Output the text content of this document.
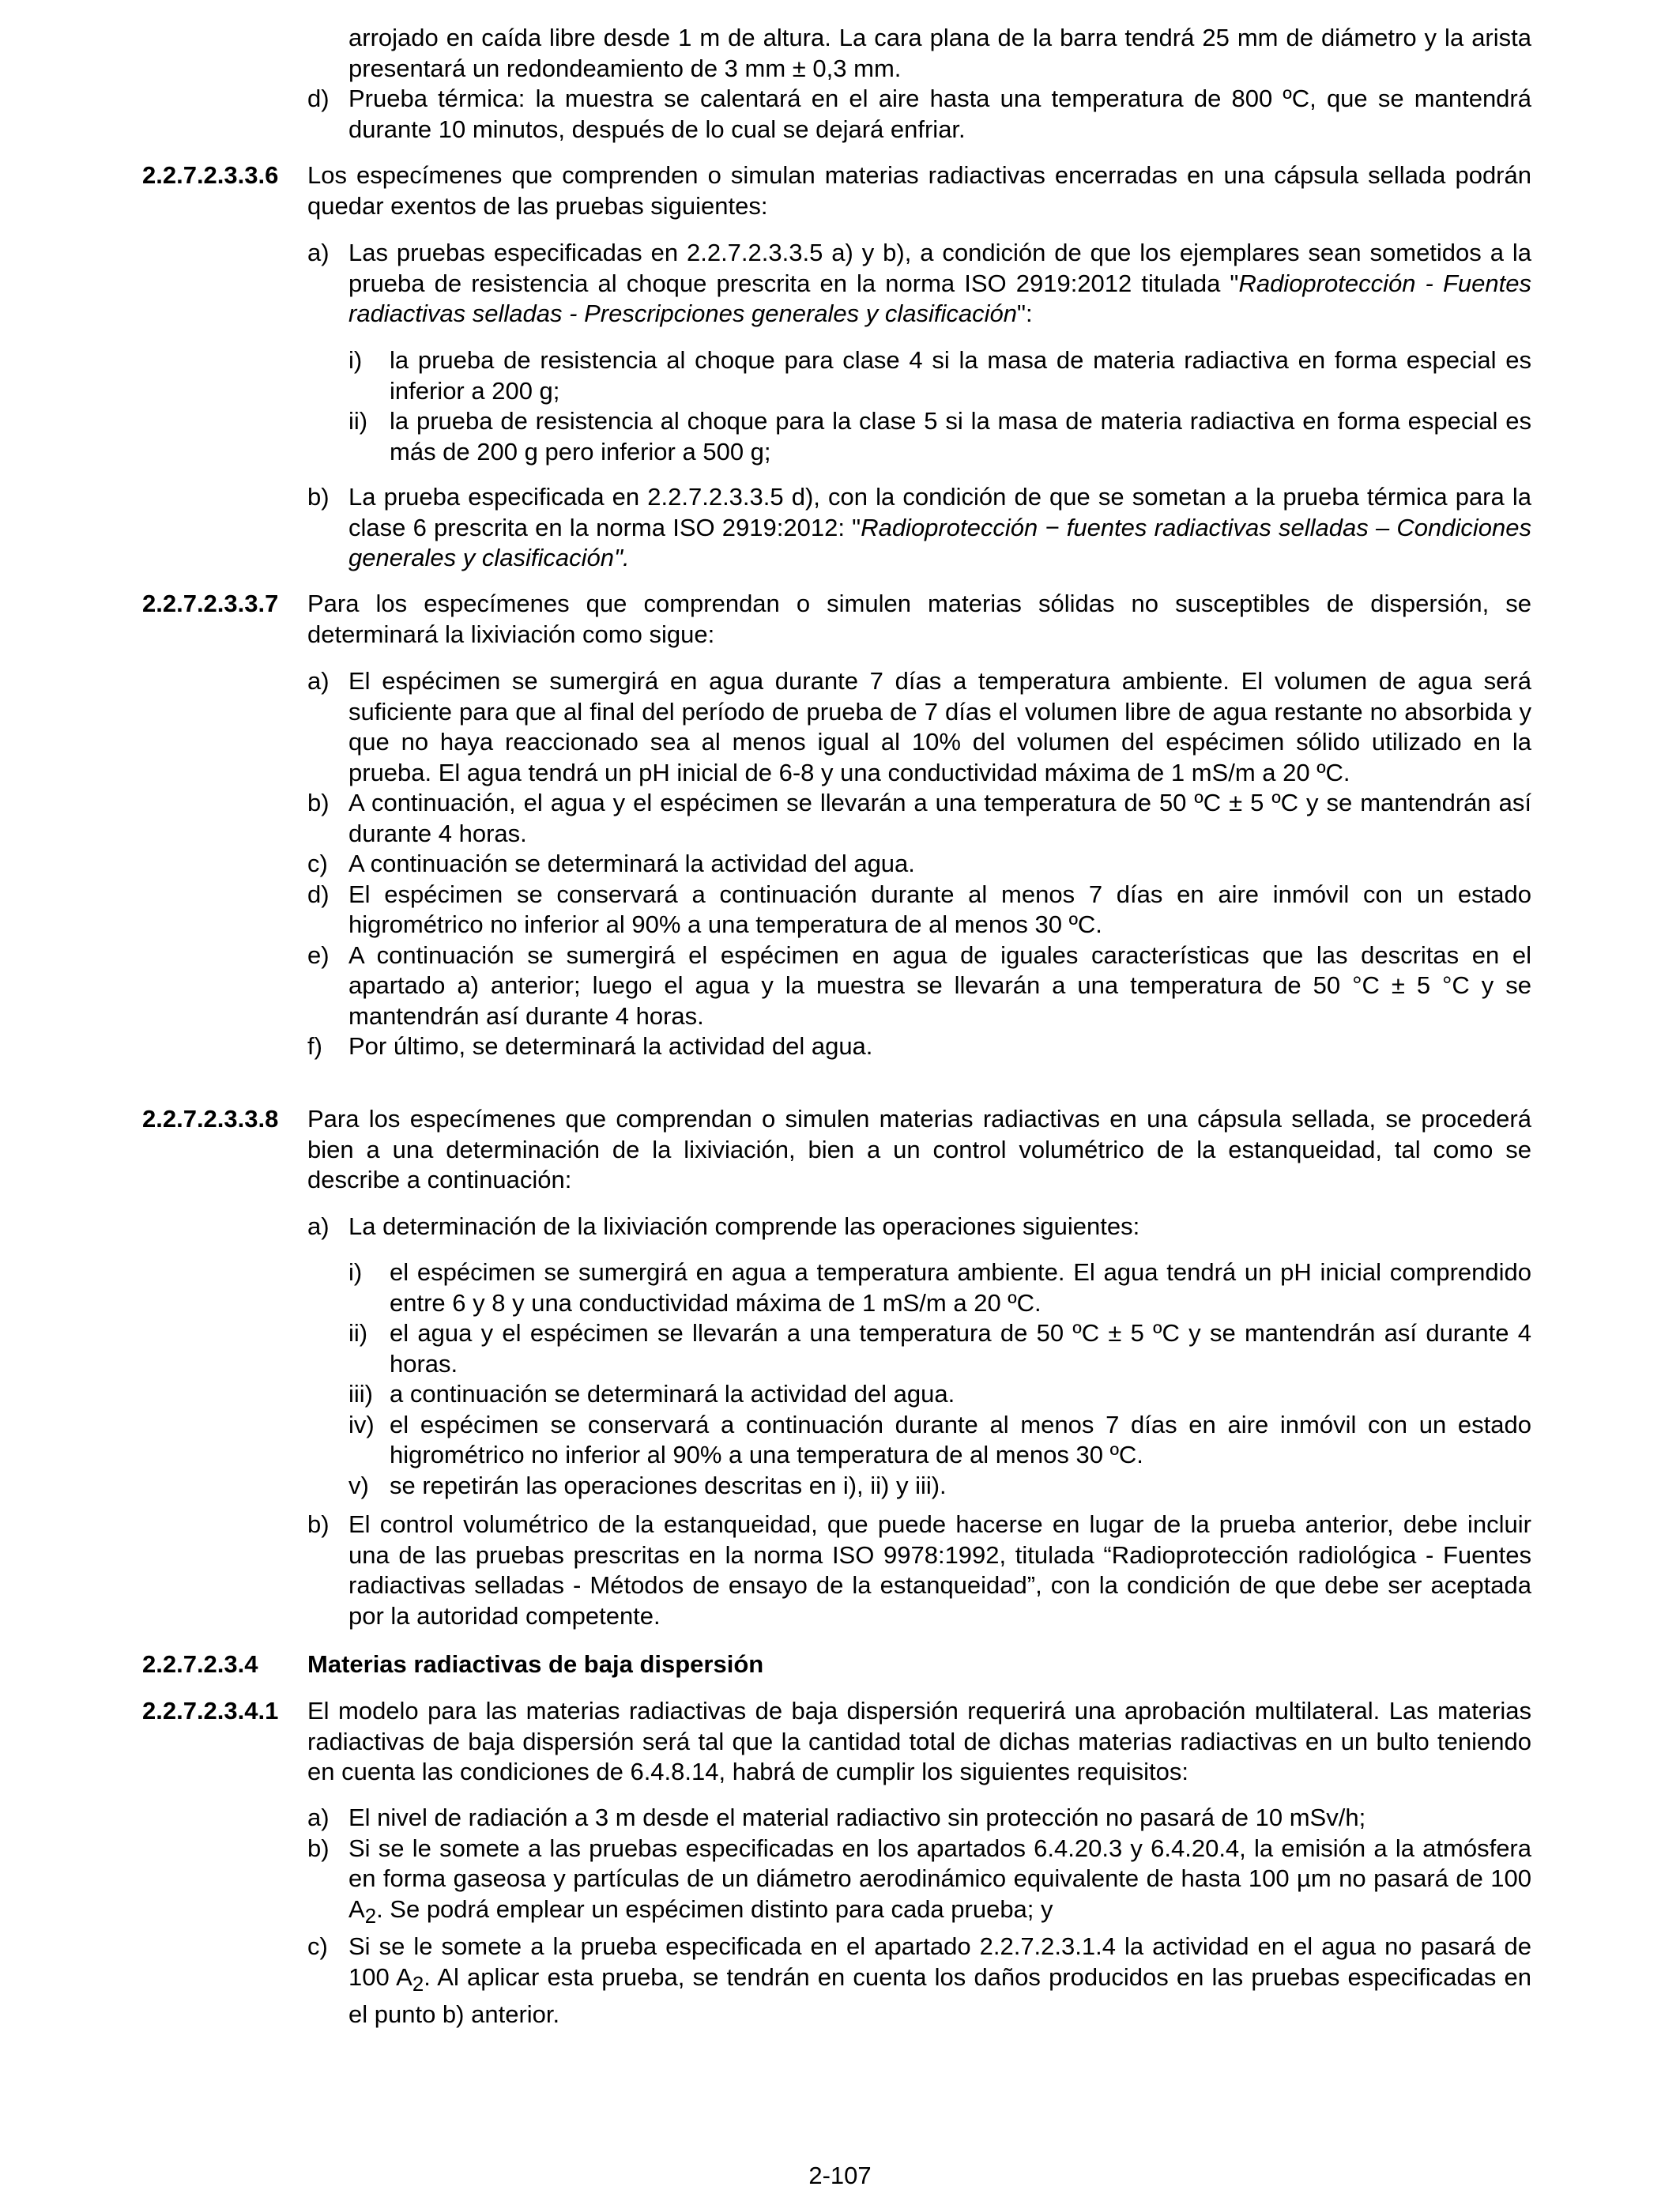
arrojado en caída libre desde 1 m de altura. La cara plana de la barra tendrá 25 mm de diámetro y la arista presentará un redondeamiento de 3 mm ± 0,3 mm.
d) Prueba térmica: la muestra se calentará en el aire hasta una temperatura de 800 ºC, que se mantendrá durante 10 minutos, después de lo cual se dejará enfriar.
2.2.7.2.3.3.6 Los especímenes que comprenden o simulan materias radiactivas encerradas en una cápsula sellada podrán quedar exentos de las pruebas siguientes:
a) Las pruebas especificadas en 2.2.7.2.3.3.5 a) y b), a condición de que los ejemplares sean sometidos a la prueba de resistencia al choque prescrita en la norma ISO 2919:2012 titulada "Radioprotección - Fuentes radiactivas selladas - Prescripciones generales y clasificación":
i) la prueba de resistencia al choque para clase 4 si la masa de materia radiactiva en forma especial es inferior a 200 g;
ii) la prueba de resistencia al choque para la clase 5 si la masa de materia radiactiva en forma especial es más de 200 g pero inferior a 500 g;
b) La prueba especificada en 2.2.7.2.3.3.5 d), con la condición de que se sometan a la prueba térmica para la clase 6 prescrita en la norma ISO 2919:2012: "Radioprotección − fuentes radiactivas selladas – Condiciones generales y clasificación".
2.2.7.2.3.3.7 Para los especímenes que comprendan o simulen materias sólidas no susceptibles de dispersión, se determinará la lixiviación como sigue:
a) El espécimen se sumergirá en agua durante 7 días a temperatura ambiente. El volumen de agua será suficiente para que al final del período de prueba de 7 días el volumen libre de agua restante no absorbida y que no haya reaccionado sea al menos igual al 10% del volumen del espécimen sólido utilizado en la prueba. El agua tendrá un pH inicial de 6-8 y una conductividad máxima de 1 mS/m a 20 ºC.
b) A continuación, el agua y el espécimen se llevarán a una temperatura de 50 ºC ± 5 ºC y se mantendrán así durante 4 horas.
c) A continuación se determinará la actividad del agua.
d) El espécimen se conservará a continuación durante al menos 7 días en aire inmóvil con un estado higrométrico no inferior al 90% a una temperatura de al menos 30 ºC.
e) A continuación se sumergirá el espécimen en agua de iguales características que las descritas en el apartado a) anterior; luego el agua y la muestra se llevarán a una temperatura de 50 °C ± 5 °C y se mantendrán así durante 4 horas.
f) Por último, se determinará la actividad del agua.
2.2.7.2.3.3.8 Para los especímenes que comprendan o simulen materias radiactivas en una cápsula sellada, se procederá bien a una determinación de la lixiviación, bien a un control volumétrico de la estanqueidad, tal como se describe a continuación:
a) La determinación de la lixiviación comprende las operaciones siguientes:
i) el espécimen se sumergirá en agua a temperatura ambiente. El agua tendrá un pH inicial comprendido entre 6 y 8 y una conductividad máxima de 1 mS/m a 20 ºC.
ii) el agua y el espécimen se llevarán a una temperatura de 50 ºC ± 5 ºC y se mantendrán así durante 4 horas.
iii) a continuación se determinará la actividad del agua.
iv) el espécimen se conservará a continuación durante al menos 7 días en aire inmóvil con un estado higrométrico no inferior al 90% a una temperatura de al menos 30 ºC.
v) se repetirán las operaciones descritas en i), ii) y iii).
b) El control volumétrico de la estanqueidad, que puede hacerse en lugar de la prueba anterior, debe incluir una de las pruebas prescritas en la norma ISO 9978:1992, titulada “Radioprotección radiológica - Fuentes radiactivas selladas - Métodos de ensayo de la estanqueidad”, con la condición de que debe ser aceptada por la autoridad competente.
2.2.7.2.3.4 Materias radiactivas de baja dispersión
2.2.7.2.3.4.1 El modelo para las materias radiactivas de baja dispersión requerirá una aprobación multilateral. Las materias radiactivas de baja dispersión será tal que la cantidad total de dichas materias radiactivas en un bulto teniendo en cuenta las condiciones de 6.4.8.14, habrá de cumplir los siguientes requisitos:
a) El nivel de radiación a 3 m desde el material radiactivo sin protección no pasará de 10 mSv/h;
b) Si se le somete a las pruebas especificadas en los apartados 6.4.20.3 y 6.4.20.4, la emisión a la atmósfera en forma gaseosa y partículas de un diámetro aerodinámico equivalente de hasta 100 µm no pasará de 100 $A_2$. Se podrá emplear un espécimen distinto para cada prueba; y
c) Si se le somete a la prueba especificada en el apartado 2.2.7.2.3.1.4 la actividad en el agua no pasará de 100 $A_2$. Al aplicar esta prueba, se tendrán en cuenta los daños producidos en las pruebas especificadas en el punto b) anterior.
2-107
